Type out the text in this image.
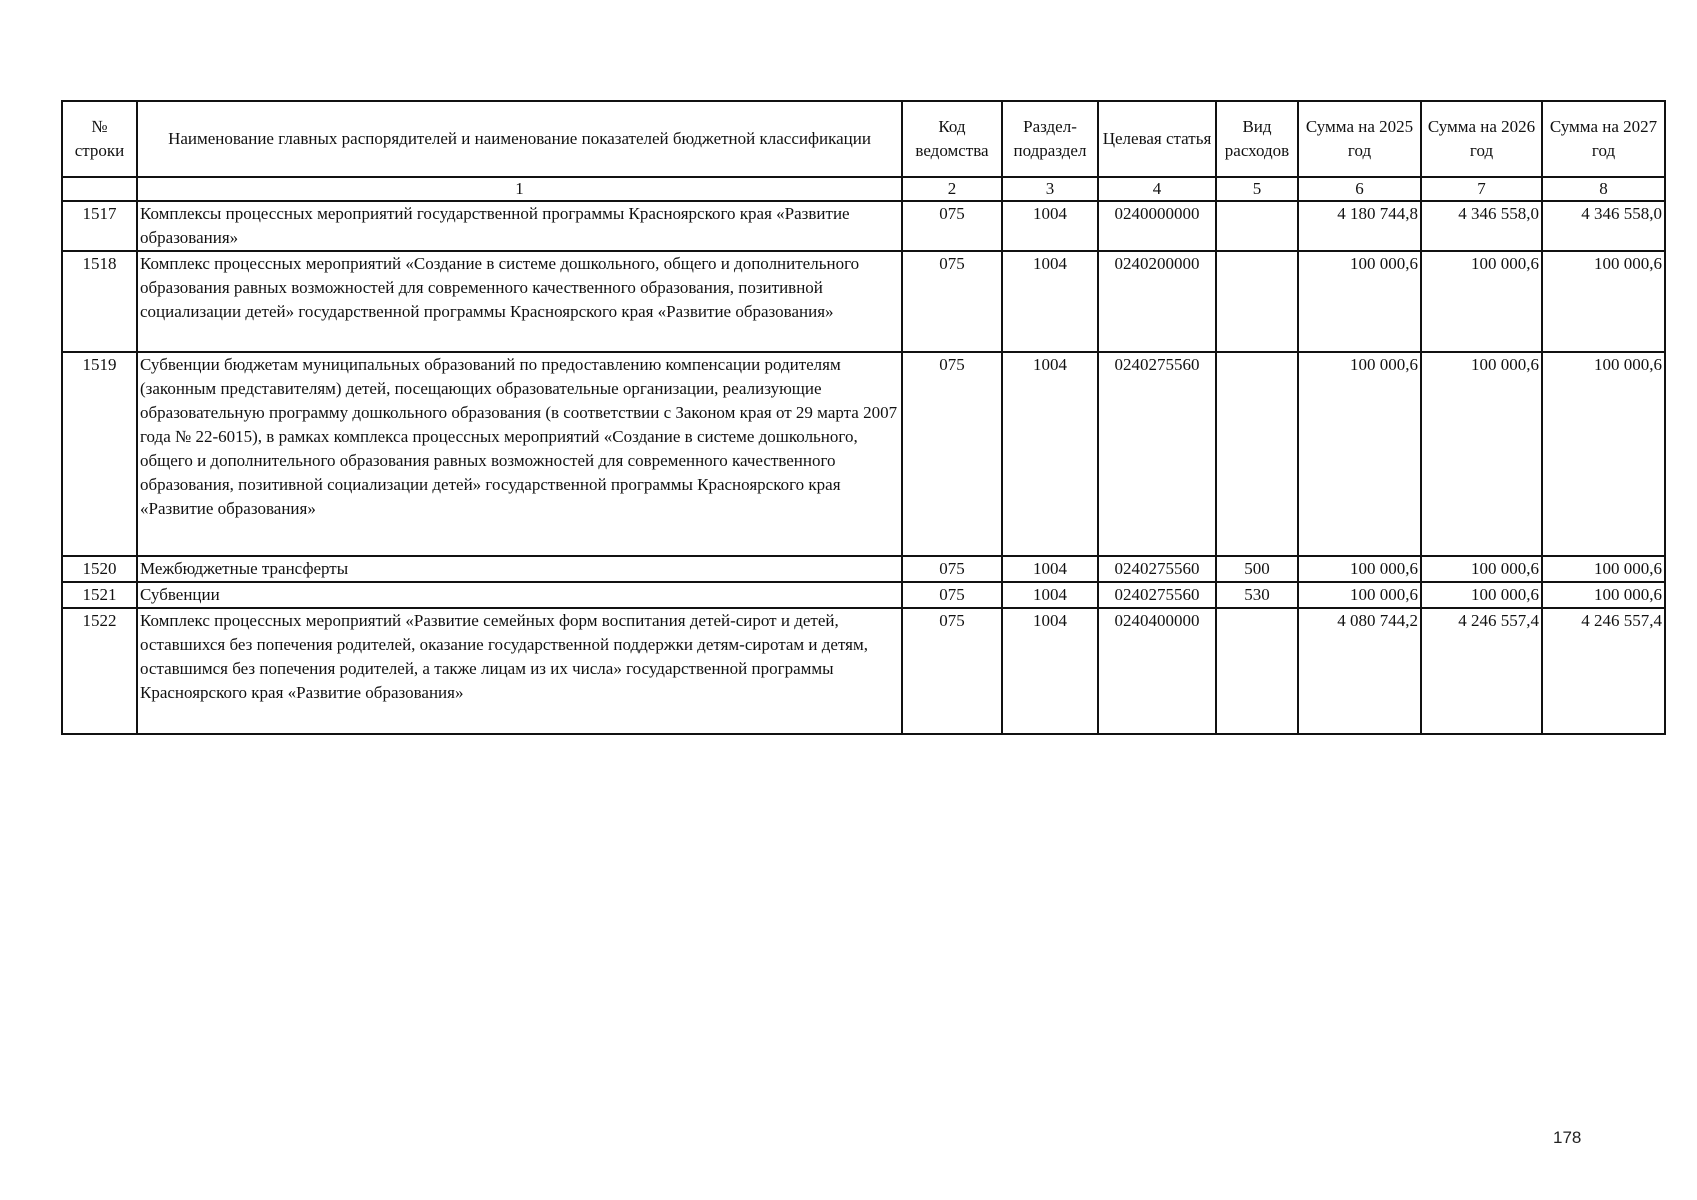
№ строки	Наименование главных распорядителей и наименование показателей бюджетной классификации	Код ведомства	Раздел-подраздел	Целевая статья	Вид расходов	Сумма на 2025 год	Сумма на 2026 год	Сумма на 2027 год
	1	2	3	4	5	6	7	8
1517	Комплексы процессных мероприятий государственной программы Красноярского края «Развитие образования»	075	1004	0240000000		4 180 744,8	4 346 558,0	4 346 558,0
1518	Комплекс процессных мероприятий «Создание в системе дошкольного, общего и дополнительного образования равных возможностей для современного качественного образования, позитивной социализации детей» государственной программы Красноярского края «Развитие образования»	075	1004	0240200000		100 000,6	100 000,6	100 000,6
1519	Субвенции бюджетам муниципальных образований по предоставлению компенсации родителям (законным представителям) детей, посещающих образовательные организации, реализующие образовательную программу дошкольного образования (в соответствии с Законом края от 29 марта 2007 года № 22-6015), в рамках комплекса процессных мероприятий «Создание в системе дошкольного, общего и дополнительного образования равных возможностей для современного качественного образования, позитивной социализации детей» государственной программы Красноярского края «Развитие образования»	075	1004	0240275560		100 000,6	100 000,6	100 000,6
1520	Межбюджетные трансферты	075	1004	0240275560	500	100 000,6	100 000,6	100 000,6
1521	Субвенции	075	1004	0240275560	530	100 000,6	100 000,6	100 000,6
1522	Комплекс процессных мероприятий «Развитие семейных форм воспитания детей-сирот и детей, оставшихся без попечения родителей, оказание государственной поддержки детям-сиротам и детям, оставшимся без попечения родителей, а также лицам из их числа» государственной программы Красноярского края «Развитие образования»	075	1004	0240400000		4 080 744,2	4 246 557,4	4 246 557,4
178
